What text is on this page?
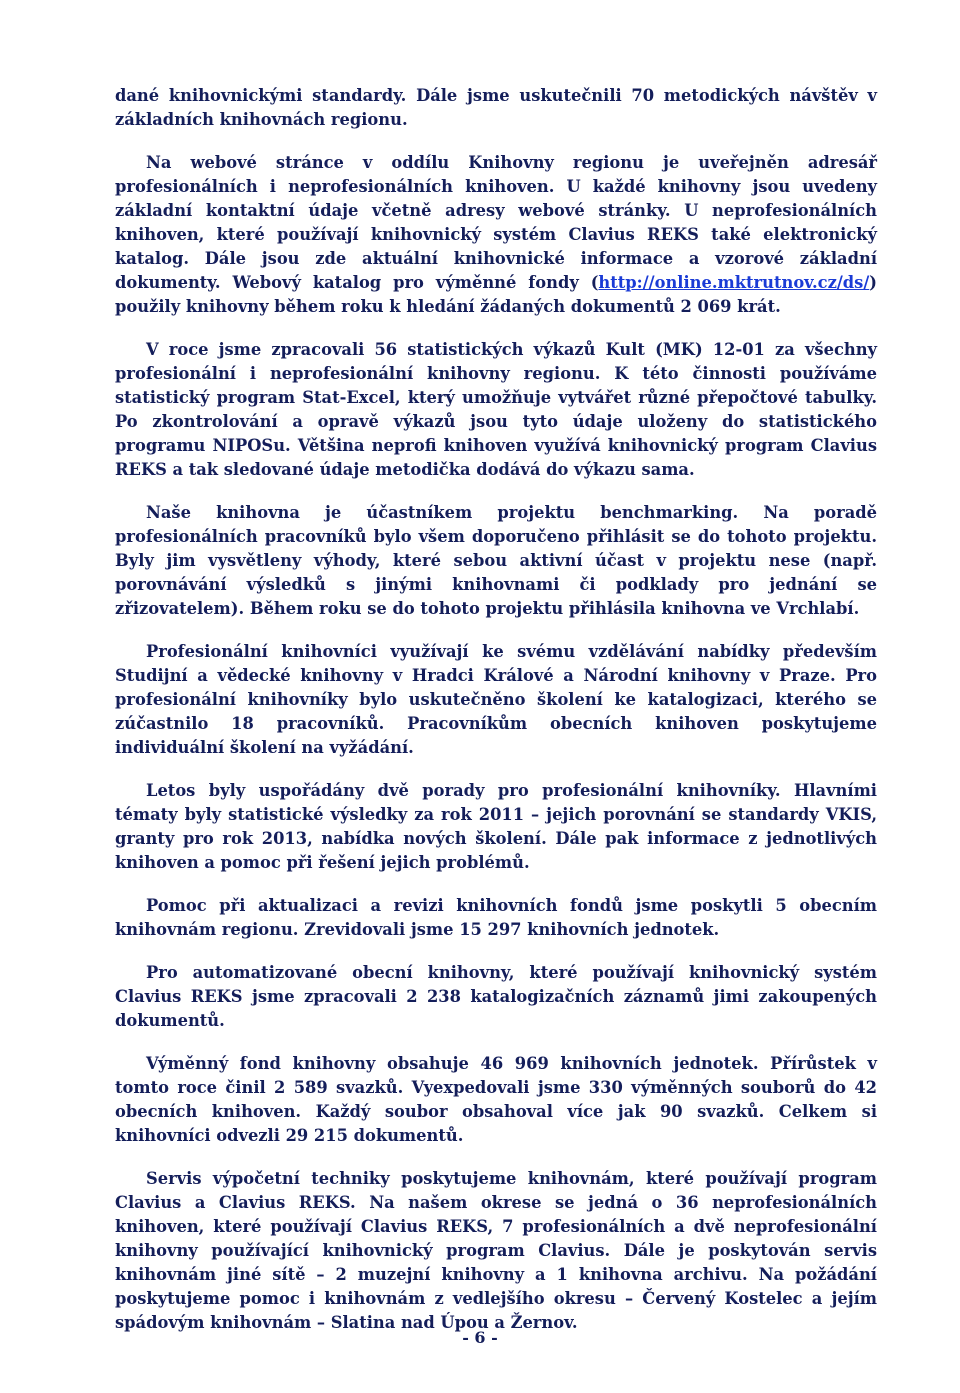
dané knihovnickými standardy. Dále jsme uskutečnili 70 metodických návštěv v základních knihovnách regionu.

Na webové stránce v oddílu Knihovny regionu je uveřejněn adresář profesionálních i neprofesionálních knihoven. U každé knihovny jsou uvedeny základní kontaktní údaje včetně adresy webové stránky. U neprofesionálních knihoven, které používají knihovnický systém Clavius REKS také elektronický katalog. Dále jsou zde aktuální knihovnické informace a vzorové základní dokumenty. Webový katalog pro výměnné fondy (http://online.mktrutnov.cz/ds/) použily knihovny během roku k hledání žádaných dokumentů 2 069 krát.

V roce jsme zpracovali 56 statistických výkazů Kult (MK) 12-01 za všechny profesionální i neprofesionální knihovny regionu. K této činnosti používáme statistický program Stat-Excel, který umožňuje vytvářet různé přepočtové tabulky. Po zkontrolování a opravě výkazů jsou tyto údaje uloženy do statistického programu NIPOSu. Většina neprofi knihoven využívá knihovnický program Clavius REKS a tak sledované údaje metodička dodává do výkazu sama.

Naše knihovna je účastníkem projektu benchmarking. Na poradě profesionálních pracovníků bylo všem doporučeno přihlásit se do tohoto projektu. Byly jim vysvětleny výhody, které sebou aktivní účast v projektu nese (např. porovnávání výsledků s jinými knihovnami či podklady pro jednání se zřizovatelem). Během roku se do tohoto projektu přihlásila knihovna ve Vrchlabí.

Profesionální knihovníci využívají ke svému vzdělávání nabídky především Studijní a vědecké knihovny v Hradci Králové a Národní knihovny v Praze. Pro profesionální knihovníky bylo uskutečněno školení ke katalogizaci, kterého se zúčastnilo 18 pracovníků. Pracovníkům obecních knihoven poskytujeme individuální školení na vyžádání.

Letos byly uspořádány dvě porady pro profesionální knihovníky. Hlavními tématy byly statistické výsledky za rok 2011 – jejich porovnání se standardy VKIS, granty pro rok 2013, nabídka nových školení. Dále pak informace z jednotlivých knihoven a pomoc při řešení jejich problémů.

Pomoc při aktualizaci a revizi knihovních fondů jsme poskytli 5 obecním knihovnám regionu. Zrevidovali jsme 15 297 knihovních jednotek.

Pro automatizované obecní knihovny, které používají knihovnický systém Clavius REKS jsme zpracovali 2 238 katalogizačních záznamů jimi zakoupených dokumentů.

Výměnný fond knihovny obsahuje 46 969 knihovních jednotek. Přírůstek v tomto roce činil 2 589 svazků. Vyexpedovali jsme 330 výměnných souborů do 42 obecních knihoven. Každý soubor obsahoval více jak 90 svazků. Celkem si knihovníci odvezli 29 215 dokumentů.

Servis výpočetní techniky poskytujeme knihovnám, které používají program Clavius a Clavius REKS. Na našem okrese se jedná o 36 neprofesionálních knihoven, které používají Clavius REKS, 7 profesionálních a dvě neprofesionální knihovny používající knihovnický program Clavius. Dále je poskytován servis knihovnám jiné sítě – 2 muzejní knihovny a 1 knihovna archivu. Na požádání poskytujeme pomoc i knihovnám z vedlejšího okresu – Červený Kostelec a jejím spádovým knihovnám – Slatina nad Úpou a Žernov.

- 6 -
